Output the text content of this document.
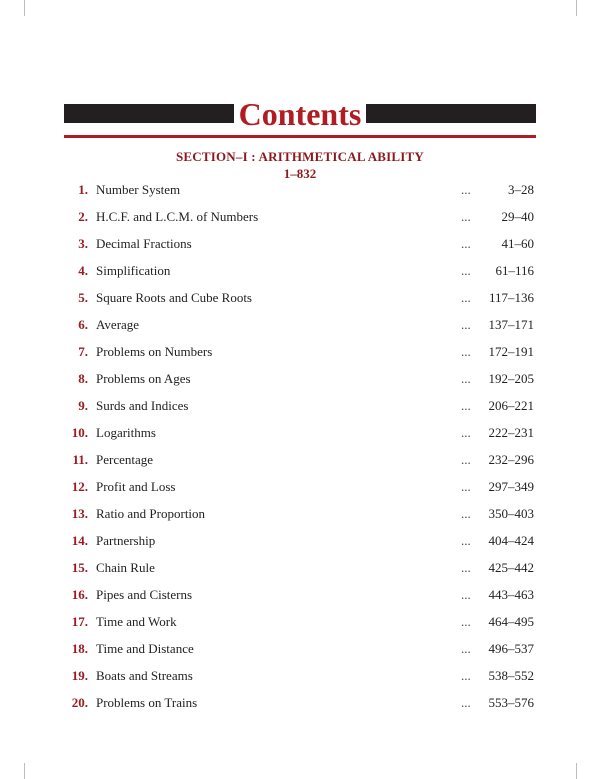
Contents
SECTION–I : ARITHMETICAL ABILITY
1–832
1. Number System	...	3–28
2. H.C.F. and L.C.M. of Numbers	... 29–40
3. Decimal Fractions	... 41–60
4. Simplification	... 61–116
5. Square Roots and Cube Roots	... 117–136
6. Average	... 137–171
7. Problems on Numbers	... 172–191
8. Problems on Ages	... 192–205
9. Surds and Indices	... 206–221
10. Logarithms	... 222–231
11. Percentage	... 232–296
12. Profit and Loss	... 297–349
13. Ratio and Proportion	... 350–403
14. Partnership	... 404–424
15. Chain Rule	... 425–442
16. Pipes and Cisterns	... 443–463
17. Time and Work	... 464–495
18. Time and Distance	... 496–537
19. Boats and Streams	... 538–552
20. Problems on Trains	... 553–576
